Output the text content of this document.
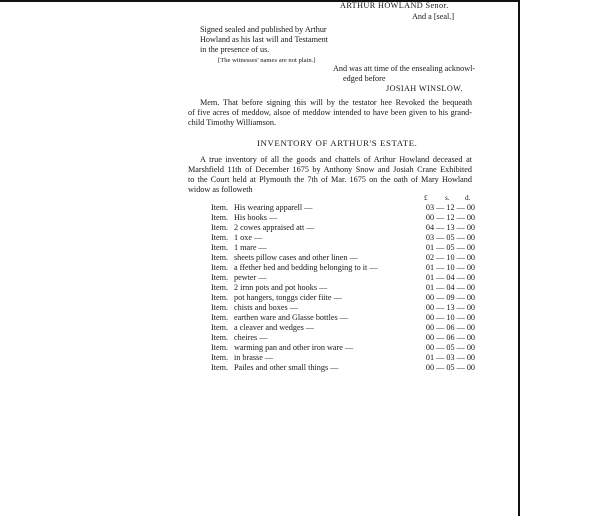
ARTHUR HOWLAND Senor.
And a [seal.]
Signed sealed and published by Arthur
Howland as his last will and Testament
in the presence of us.
[The witnesses' names are not plain.]
And was att time of the ensealing acknowl-
edged before
JOSIAH WINSLOW.
Mem. That before signing this will by the testator hee Revoked the bequeath
of five acres of meddow, alsoe of meddow intended to have been given to his grand-
child Timothy Williamson.
INVENTORY OF ARTHUR'S ESTATE.
A true inventory of all the goods and chattels of Arthur Howland deceased at
Marshfield 11th of December 1675 by Anthony Snow and Josiah Crane Exhibited
to the Court held at Plymouth the 7th of Mar. 1675 on the oath of Mary Howland
widow as followeth
£ s. d.
Item. His wearing apparell —	03 — 12 — 00
Item. His books —	00 — 12 — 00
Item. 2 cowes appraised att —	04 — 13 — 00
Item. 1 oxe —	03 — 05 — 00
Item. 1 mare —	01 — 05 — 00
Item. sheets pillow cases and other linen —	02 — 10 — 00
Item. a ffether bed and bedding belonging to it —	01 — 10 — 00
Item. pewter —	01 — 04 — 00
Item. 2 irnn pots and pot hooks —	01 — 04 — 00
Item. pot hangers, tonggs cider fiite —	00 — 09 — 00
Item. chists and boxes —	00 — 13 — 00
Item. earthen ware and Glasse bottles —	00 — 10 — 00
Item. a cleaver and wedges —	00 — 06 — 00
Item. cheires —	00 — 06 — 00
Item. warming pan and other iron ware —	00 — 05 — 00
Item. in brasse —	01 — 03 — 00
Item. Pailes and other small things —	00 — 05 — 00
